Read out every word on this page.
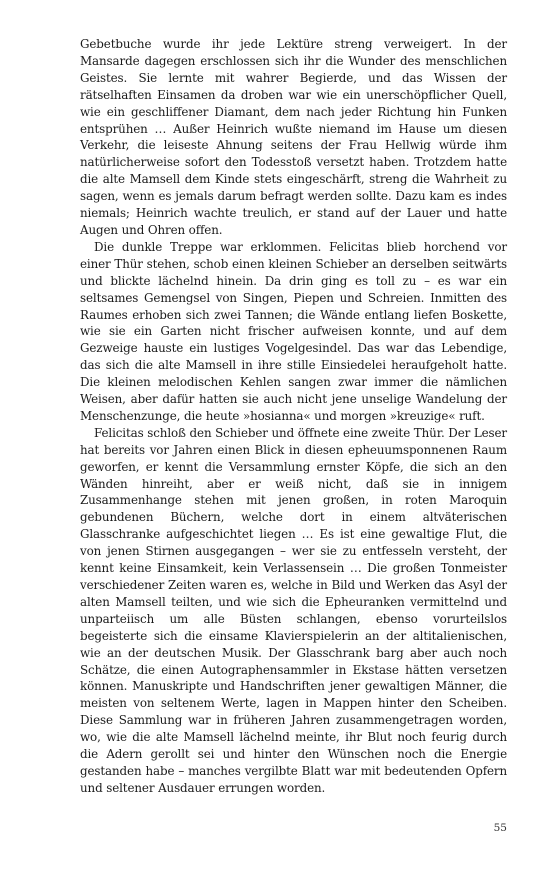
Gebetbuche wurde ihr jede Lektüre streng verweigert. In der Mansarde dagegen erschlossen sich ihr die Wunder des menschlichen Geistes. Sie lernte mit wahrer Begierde, und das Wissen der rätselhaften Einsamen da droben war wie ein unerschöpflicher Quell, wie ein geschliffener Diamant, dem nach jeder Richtung hin Funken entsprühen … Außer Heinrich wußte niemand im Hause um diesen Verkehr, die leiseste Ahnung seitens der Frau Hellwig würde ihm natürlicherweise sofort den Todesstoß versetzt haben. Trotzdem hatte die alte Mamsell dem Kinde stets eingeschärft, streng die Wahrheit zu sagen, wenn es jemals darum befragt werden sollte. Dazu kam es indes niemals; Heinrich wachte treulich, er stand auf der Lauer und hatte Augen und Ohren offen.

Die dunkle Treppe war erklommen. Felicitas blieb horchend vor einer Thür stehen, schob einen kleinen Schieber an derselben seitwärts und blickte lächelnd hinein. Da drin ging es toll zu – es war ein seltsames Gemengsel von Singen, Piepen und Schreien. Inmitten des Raumes erhoben sich zwei Tannen; die Wände entlang liefen Boskette, wie sie ein Garten nicht frischer aufweisen konnte, und auf dem Gezweige hauste ein lustiges Vogelgesindel. Das war das Lebendige, das sich die alte Mamsell in ihre stille Einsiedelei heraufgeholt hatte. Die kleinen melodischen Kehlen sangen zwar immer die nämlichen Weisen, aber dafür hatten sie auch nicht jene unselige Wandelung der Menschenzunge, die heute »hosianna« und morgen »kreuzige« ruft.

Felicitas schloß den Schieber und öffnete eine zweite Thür. Der Leser hat bereits vor Jahren einen Blick in diesen epheuumsponnenen Raum geworfen, er kennt die Versammlung ernster Köpfe, die sich an den Wänden hinreiht, aber er weiß nicht, daß sie in innigem Zusammenhange stehen mit jenen großen, in roten Maroquin gebundenen Büchern, welche dort in einem altväterischen Glasschranke aufgeschichtet liegen … Es ist eine gewaltige Flut, die von jenen Stirnen ausgegangen – wer sie zu entfesseln versteht, der kennt keine Einsamkeit, kein Verlassensein … Die großen Tonmeister verschiedener Zeiten waren es, welche in Bild und Werken das Asyl der alten Mamsell teilten, und wie sich die Epheuranken vermittelnd und unparteiisch um alle Büsten schlangen, ebenso vorurteilslos begeisterte sich die einsame Klavierspielerin an der altitalienischen, wie an der deutschen Musik. Der Glasschrank barg aber auch noch Schätze, die einen Autographensammler in Ekstase hätten versetzen können. Manuskripte und Handschriften jener gewaltigen Männer, die meisten von seltenem Werte, lagen in Mappen hinter den Scheiben. Diese Sammlung war in früheren Jahren zusammengetragen worden, wo, wie die alte Mamsell lächelnd meinte, ihr Blut noch feurig durch die Adern gerollt sei und hinter den Wünschen noch die Energie gestanden habe – manches vergilbte Blatt war mit bedeutenden Opfern und seltener Ausdauer errungen worden.

55
